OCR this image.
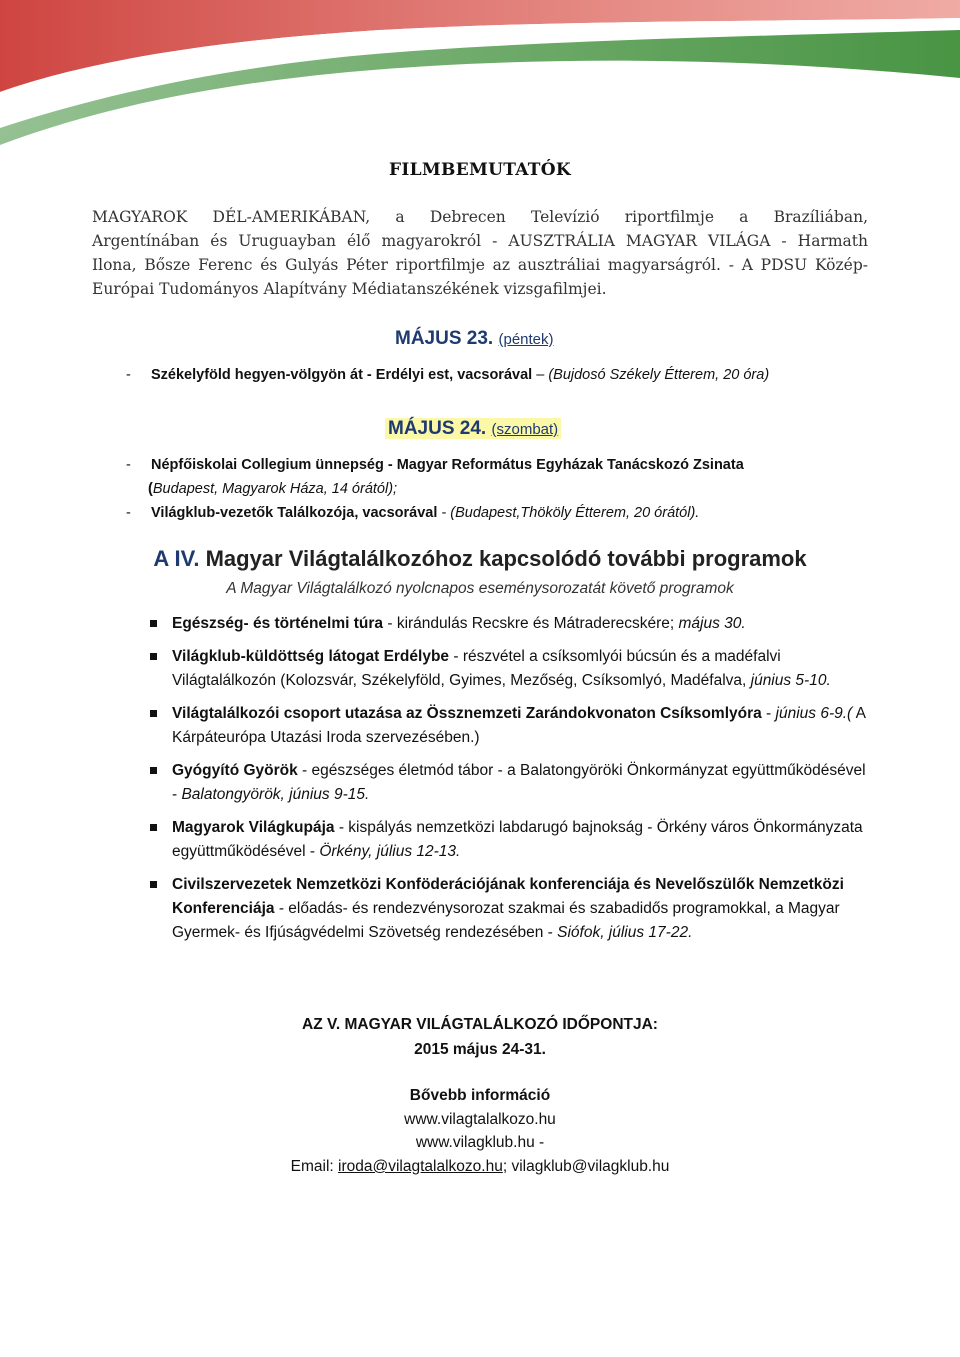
FILMBEMUTATÓK
MAGYAROK DÉL-AMERIKÁBAN, a Debrecen Televízió riportfilmje a Brazíliában,
Argentínában és Uruguayban élő magyarokról - AUSZTRÁLIA MAGYAR VILÁGA - Harmath
Ilona, Bősze Ferenc és Gulyás Péter riportfilmje az ausztráliai magyarságról. - A PDSU Közép-
Európai Tudományos Alapítvány Médiatanszékének vizsgafilmjei.
MÁJUS 23. (péntek)
- Székelyföld hegyen-völgyön át - Erdélyi est, vacsorával – (Bujdosó Székely Étterem, 20 óra)
MÁJUS 24. (szombat)
- Népfőiskolai Collegium ünnepség - Magyar Református Egyházak Tanácskozó Zsinata
(Budapest, Magyarok Háza, 14 órától);
- Világklub-vezetők Találkozója, vacsorával - (Budapest,Thököly Étterem, 20 órától).
A IV. Magyar Világtalálkozóhoz kapcsolódó további programok
A Magyar Világtalálkozó nyolcnapos eseménysorozatát követő programok
Egészség- és történelmi túra - kirándulás Recskre és Mátraderecskére; május 30.
Világklub-küldöttség látogat Erdélybe - részvétel a csíksomlyói búcsún és a madéfalvi Világtalálkozón (Kolozsvár, Székelyföld, Gyimes, Mezőség, Csíksomlyó, Madéfalva, június 5-10.
Világtalálkozói csoport utazása az Össznemzeti Zarándokvonaton Csíksomlyóra - június 6-9.( A Kárpáteurópa Utazási Iroda szervezésében.)
Gyógyító Györök - egészséges életmód tábor - a Balatongyöröki Önkormányzat együttműködésével - Balatongyörök, június 9-15.
Magyarok Világkupája - kispályás nemzetközi labdarugó bajnokság - Örkény város Önkormányzata együttműködésével - Örkény, július 12-13.
Civilszervezetek Nemzetközi Konföderációjának konferenciája és Nevelőszülők Nemzetközi Konferenciája - előadás- és rendezvénysorozat szakmai és szabadidős programokkal, a Magyar Gyermek- és Ifjúságvédelmi Szövetség rendezésében - Siófok, július 17-22.
AZ V. MAGYAR VILÁGTALÁLKOZÓ IDŐPONTJA:
2015 május 24-31.
Bővebb információ
www.vilagtalalkozo.hu
www.vilagklub.hu -
Email: iroda@vilagtalalkozo.hu; vilagklub@vilagklub.hu
